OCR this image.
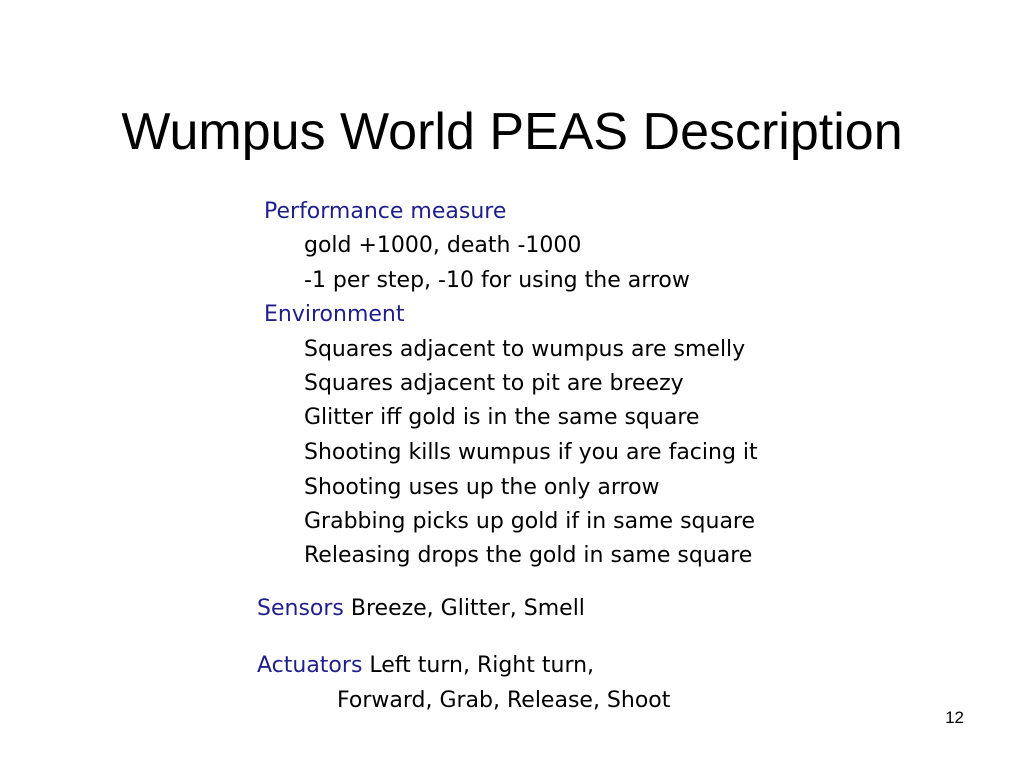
Wumpus World PEAS Description
Performance measure
gold +1000, death -1000
-1 per step, -10 for using the arrow
Environment
Squares adjacent to wumpus are smelly
Squares adjacent to pit are breezy
Glitter iff gold is in the same square
Shooting kills wumpus if you are facing it
Shooting uses up the only arrow
Grabbing picks up gold if in same square
Releasing drops the gold in same square
Sensors Breeze, Glitter, Smell
Actuators Left turn, Right turn,
Forward, Grab, Release, Shoot
12
